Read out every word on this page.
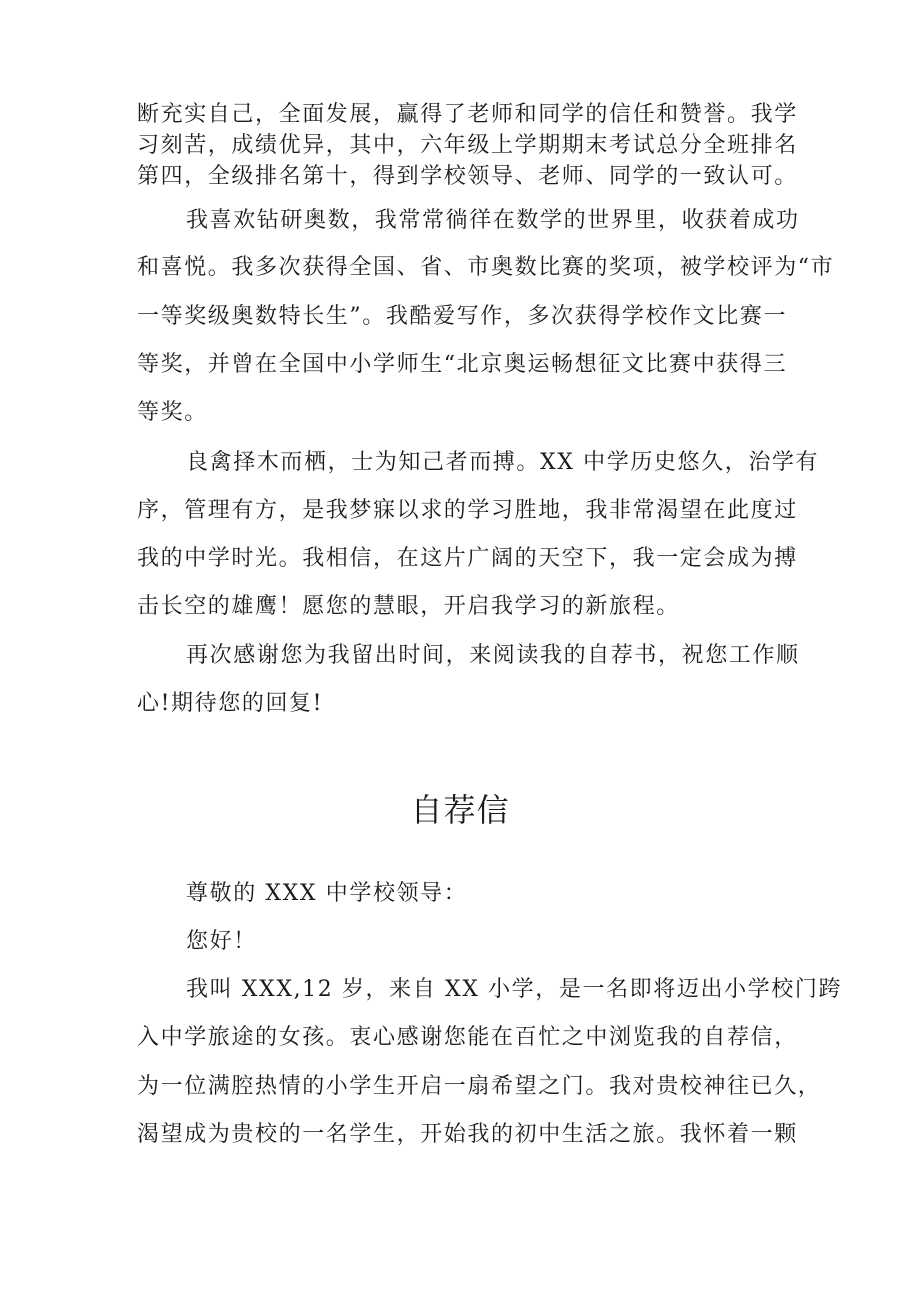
断充实自己，全面发展，赢得了老师和同学的信任和赞誉。我学
习刻苦，成绩优异，其中，六年级上学期期末考试总分全班排名
第四，全级排名第十，得到学校领导、老师、同学的一致认可。
我喜欢钻研奥数，我常常徜徉在数学的世界里，收获着成功
和喜悦。我多次获得全国、省、市奥数比赛的奖项，被学校评为“市
一等奖级奥数特长生”。我酷爱写作，多次获得学校作文比赛一
等奖，并曾在全国中小学师生“北京奥运畅想征文比赛中获得三
等奖。
良禽择木而栖，士为知己者而搏。XX 中学历史悠久，治学有
序，管理有方，是我梦寐以求的学习胜地，我非常渴望在此度过
我的中学时光。我相信，在这片广阔的天空下，我一定会成为搏
击长空的雄鹰！愿您的慧眼，开启我学习的新旅程。
再次感谢您为我留出时间，来阅读我的自荐书，祝您工作顺
心!期待您的回复!
自荐信
尊敬的 XXX 中学校领导：
您好！
我叫 XXX,12 岁，来自 XX 小学，是一名即将迈出小学校门跨
入中学旅途的女孩。衷心感谢您能在百忙之中浏览我的自荐信，
为一位满腔热情的小学生开启一扇希望之门。我对贵校神往已久，
渴望成为贵校的一名学生，开始我的初中生活之旅。我怀着一颗
